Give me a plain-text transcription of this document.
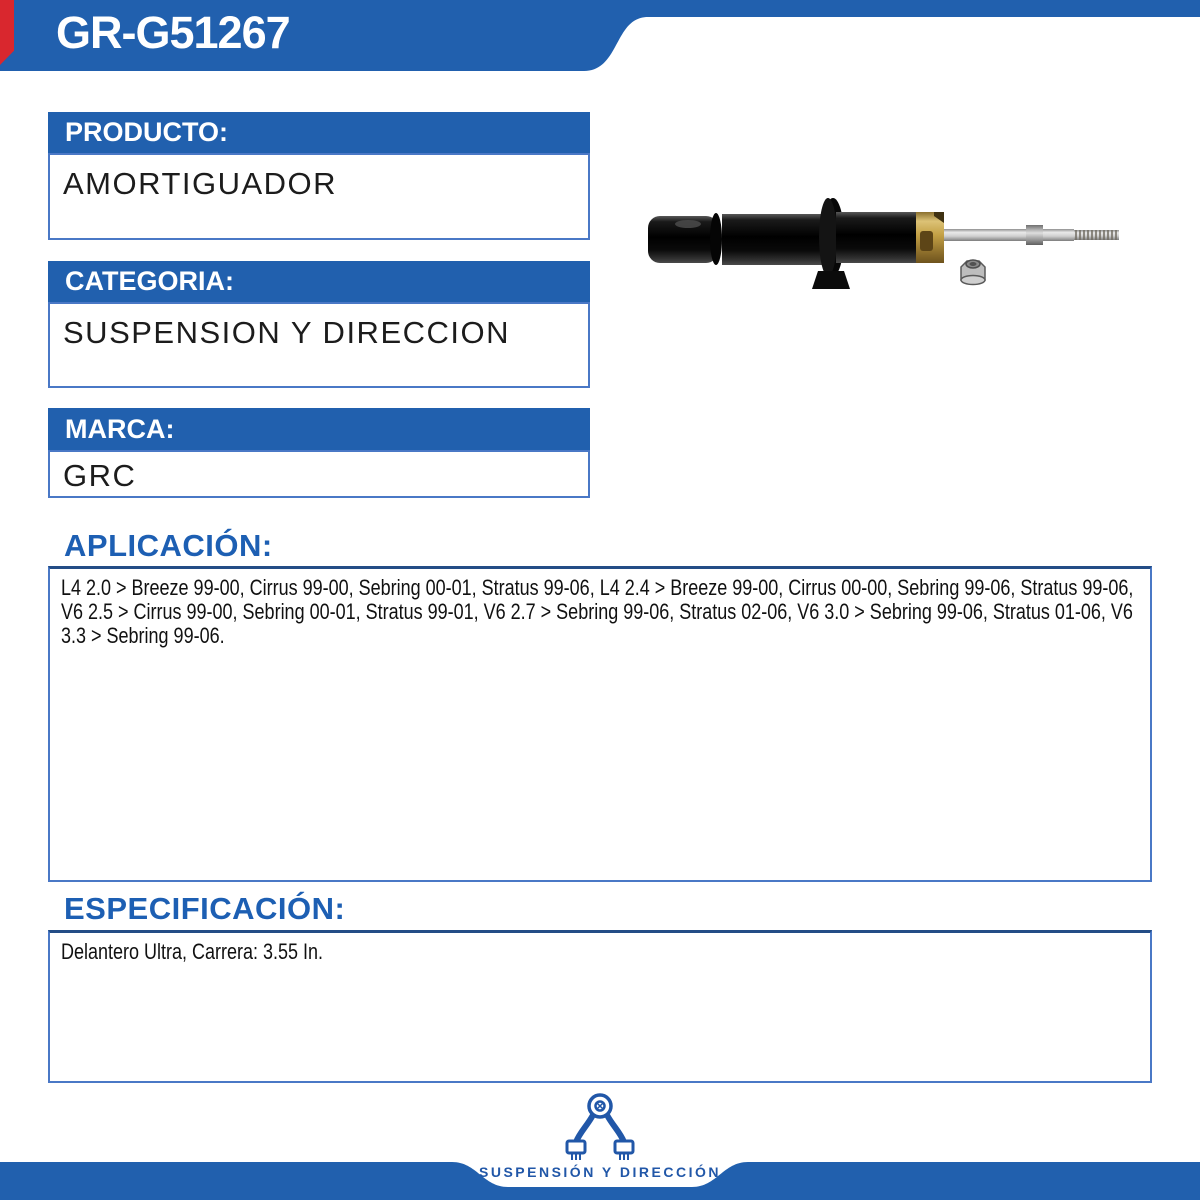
GR-G51267
PRODUCTO:
AMORTIGUADOR
CATEGORIA:
SUSPENSION Y DIRECCION
MARCA:
GRC
APLICACIÓN:
L4 2.0 > Breeze 99-00, Cirrus 99-00, Sebring 00-01, Stratus 99-06, L4 2.4 > Breeze 99-00, Cirrus 00-00, Sebring 99-06, Stratus 99-06, V6 2.5 > Cirrus 99-00, Sebring 00-01, Stratus 99-01, V6 2.7 > Sebring 99-06, Stratus 02-06, V6 3.0 > Sebring 99-06, Stratus 01-06, V6 3.3 > Sebring 99-06.
ESPECIFICACIÓN:
Delantero Ultra, Carrera: 3.55 In.
SUSPENSIÓN Y DIRECCIÓN
